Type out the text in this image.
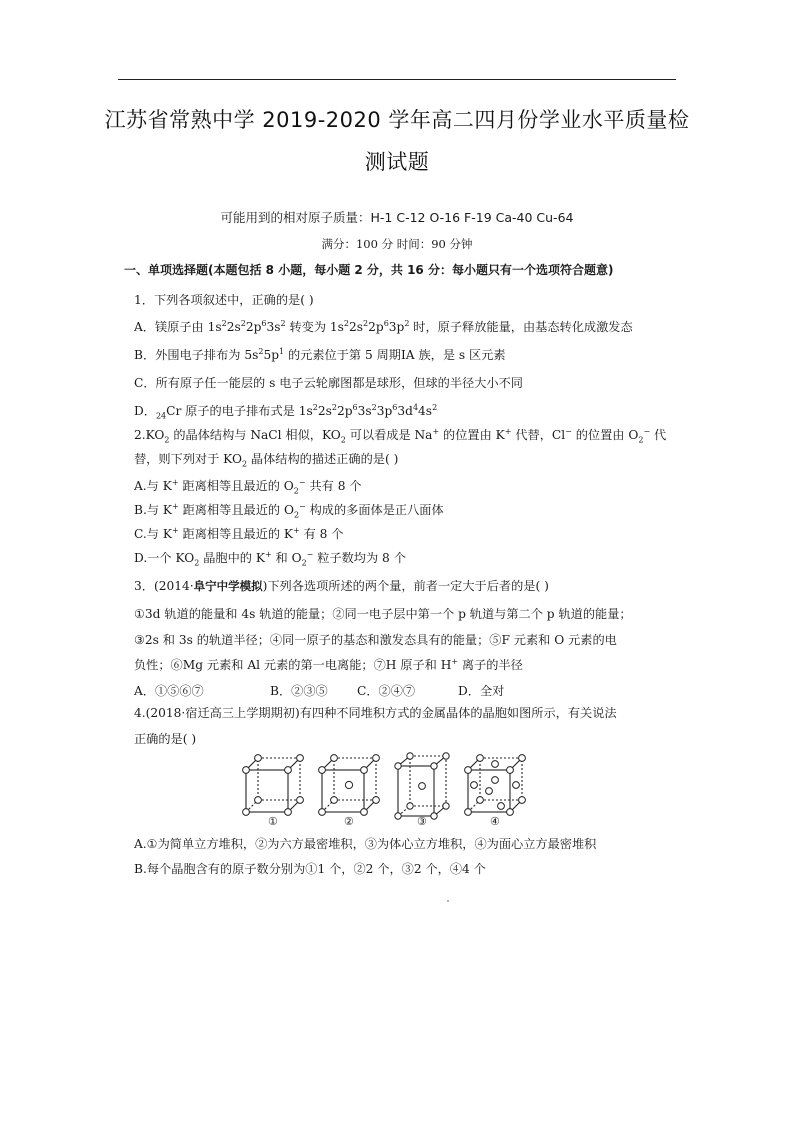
江苏省常熟中学 2019-2020 学年高二四月份学业水平质量检
测试题
可能用到的相对原子质量：H-1 C-12 O-16 F-19 Ca-40 Cu-64
满分：100 分 时间：90 分钟
一、单项选择题(本题包括 8 小题，每小题 2 分，共 16 分：每小题只有一个选项符合题意)
1．下列各项叙述中，正确的是( )
A．镁原子由 $1s^22s^22p^63s^2$ 转变为 $1s^22s^22p^63p^2$ 时，原子释放能量，由基态转化成激发态
B．外围电子排布为 $5s^25p^1$ 的元素位于第 5 周期ⅠA 族，是 s 区元素
C．所有原子任一能层的 s 电子云轮廓图都是球形，但球的半径大小不同
D．$_{24}$Cr 原子的电子排布式是 $1s^22s^22p^63s^23p^63d^44s^2$
$2.KO_2$ 的晶体结构与 NaCl 相似，$KO_2$ 可以看成是 Na+ 的位置由 K+ 代替，Cl− 的位置由 $O_2^-$ 代
替，则下列对于 $KO_2$ 晶体结构的描述正确的是( )
A.与 K+ 距离相等且最近的 $O_2^-$ 共有 8 个
B.与 K+ 距离相等且最近的 $O_2^-$ 构成的多面体是正八面体
C.与 K+ 距离相等且最近的 K+ 有 8 个
D.一个 $KO_2$ 晶胞中的 K+ 和 $O_2^-$ 粒子数均为 8 个
3．(2014·阜宁中学模拟)下列各选项所述的两个量，前者一定大于后者的是( )
①3d 轨道的能量和 4s 轨道的能量；②同一电子层中第一个 p 轨道与第二个 p 轨道的能量；
③2s 和 3s 的轨道半径；④同一原子的基态和激发态具有的能量；⑤F 元素和 O 元素的电
负性；⑥Mg 元素和 Al 元素的第一电离能；⑦H 原子和 H+ 离子的半径
A．①⑤⑥⑦	B．②③⑤ C．②④⑦	D．全对
4.(2018·宿迁高三上学期期初)有四种不同堆积方式的金属晶体的晶胞如图所示，有关说法
正确的是( )
①	②	③	④
A.①为简单立方堆积，②为六方最密堆积，③为体心立方堆积，④为面心立方最密堆积
B.每个晶胞含有的原子数分别为①1 个，②2 个，③2 个，④4 个
